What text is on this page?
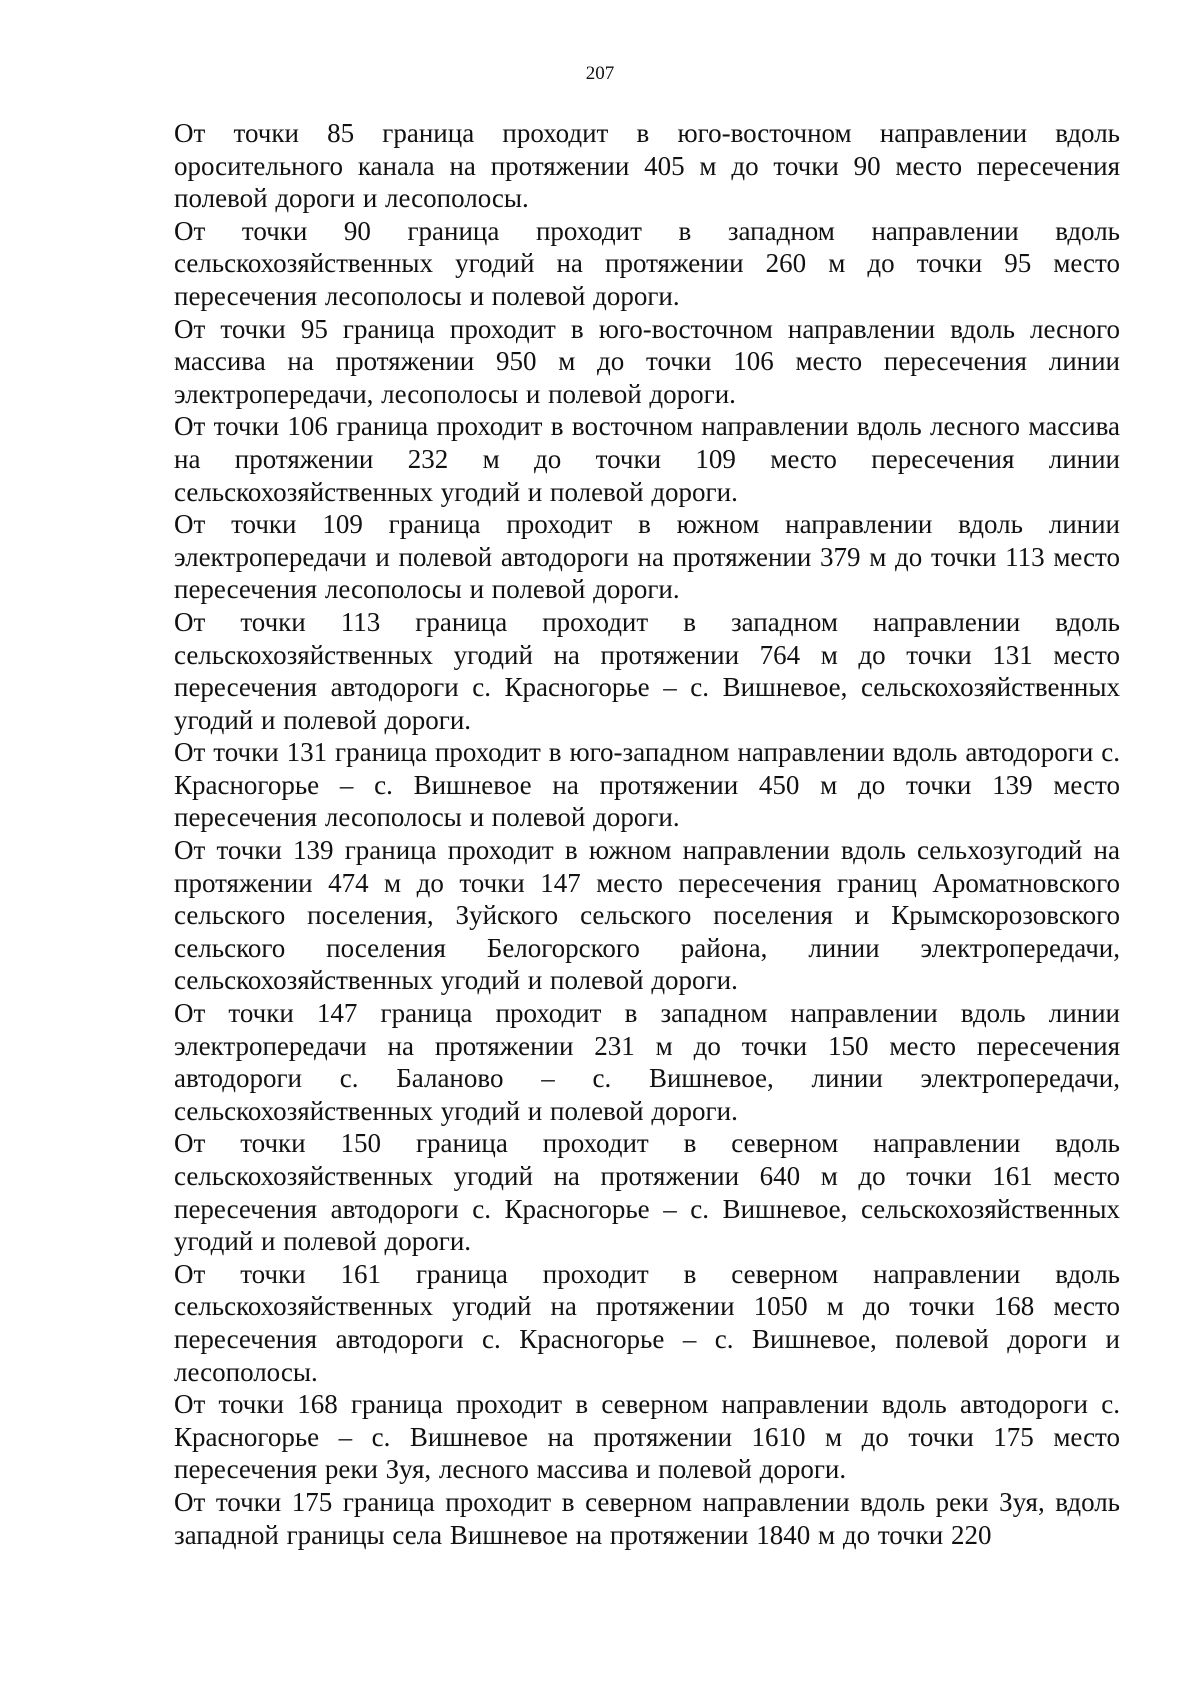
207

От точки 85 граница проходит в юго-восточном направлении вдоль оросительного канала на протяжении 405 м до точки 90 место пересечения полевой дороги и лесополосы.

От точки 90 граница проходит в западном направлении вдоль сельскохозяйственных угодий на протяжении 260 м до точки 95 место пересечения лесополосы и полевой дороги.

От точки 95 граница проходит в юго-восточном направлении вдоль лесного массива на протяжении 950 м до точки 106 место пересечения линии электропередачи, лесополосы и полевой дороги.

От точки 106 граница проходит в восточном направлении вдоль лесного массива на протяжении 232 м до точки 109 место пересечения линии сельскохозяйственных угодий и полевой дороги.

От точки 109 граница проходит в южном направлении вдоль линии электропередачи и полевой автодороги на протяжении 379 м до точки 113 место пересечения лесополосы и полевой дороги.

От точки 113 граница проходит в западном направлении вдоль сельскохозяйственных угодий на протяжении 764 м до точки 131 место пересечения автодороги с. Красногорье – с. Вишневое, сельскохозяйственных угодий и полевой дороги.

От точки 131 граница проходит в юго-западном направлении вдоль автодороги с. Красногорье – с. Вишневое на протяжении 450 м до точки 139 место пересечения лесополосы и полевой дороги.

От точки 139 граница проходит в южном направлении вдоль сельхозугодий на протяжении 474 м до точки 147 место пересечения границ Ароматновского сельского поселения, Зуйского сельского поселения и Крымскорозовского сельского поселения Белогорского района, линии электропередачи, сельскохозяйственных угодий и полевой дороги.

От точки 147 граница проходит в западном направлении вдоль линии электропередачи на протяжении 231 м до точки 150 место пересечения автодороги с. Баланово – с. Вишневое, линии электропередачи, сельскохозяйственных угодий и полевой дороги.

От точки 150 граница проходит в северном направлении вдоль сельскохозяйственных угодий на протяжении 640 м до точки 161 место пересечения автодороги с. Красногорье – с. Вишневое, сельскохозяйственных угодий и полевой дороги.

От точки 161 граница проходит в северном направлении вдоль сельскохозяйственных угодий на протяжении 1050 м до точки 168 место пересечения автодороги с. Красногорье – с. Вишневое, полевой дороги и лесополосы.

От точки 168 граница проходит в северном направлении вдоль автодороги с. Красногорье – с. Вишневое на протяжении 1610 м до точки 175 место пересечения реки Зуя, лесного массива и полевой дороги.

От точки 175 граница проходит в северном направлении вдоль реки Зуя, вдоль западной границы села Вишневое на протяжении 1840 м до точки 220
